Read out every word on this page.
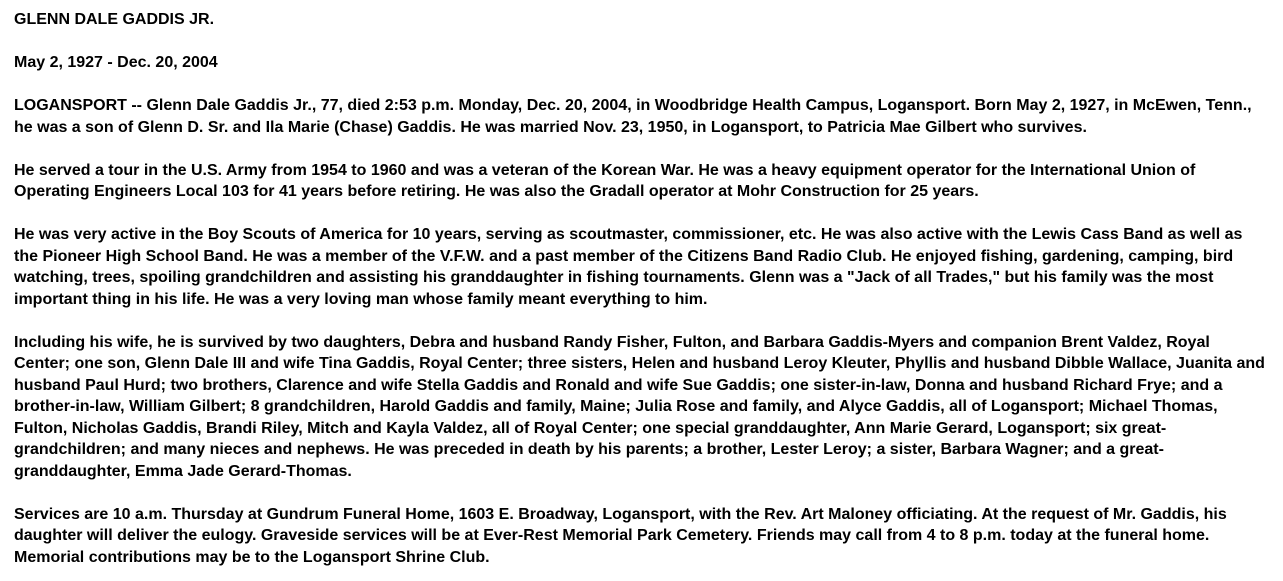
GLENN DALE GADDIS JR.
May 2, 1927 - Dec. 20, 2004
LOGANSPORT -- Glenn Dale Gaddis Jr., 77, died 2:53 p.m. Monday, Dec. 20, 2004, in Woodbridge Health Campus, Logansport. Born May 2, 1927, in McEwen, Tenn., he was a son of Glenn D. Sr. and Ila Marie (Chase) Gaddis. He was married Nov. 23, 1950, in Logansport, to Patricia Mae Gilbert who survives.
He served a tour in the U.S. Army from 1954 to 1960 and was a veteran of the Korean War. He was a heavy equipment operator for the International Union of Operating Engineers Local 103 for 41 years before retiring. He was also the Gradall operator at Mohr Construction for 25 years.
He was very active in the Boy Scouts of America for 10 years, serving as scoutmaster, commissioner, etc. He was also active with the Lewis Cass Band as well as the Pioneer High School Band. He was a member of the V.F.W. and a past member of the Citizens Band Radio Club. He enjoyed fishing, gardening, camping, bird watching, trees, spoiling grandchildren and assisting his granddaughter in fishing tournaments. Glenn was a "Jack of all Trades," but his family was the most important thing in his life. He was a very loving man whose family meant everything to him.
Including his wife, he is survived by two daughters, Debra and husband Randy Fisher, Fulton, and Barbara Gaddis-Myers and companion Brent Valdez, Royal Center; one son, Glenn Dale III and wife Tina Gaddis, Royal Center; three sisters, Helen and husband Leroy Kleuter, Phyllis and husband Dibble Wallace, Juanita and husband Paul Hurd; two brothers, Clarence and wife Stella Gaddis and Ronald and wife Sue Gaddis; one sister-in-law, Donna and husband Richard Frye; and a brother-in-law, William Gilbert; 8 grandchildren, Harold Gaddis and family, Maine; Julia Rose and family, and Alyce Gaddis, all of Logansport; Michael Thomas, Fulton, Nicholas Gaddis, Brandi Riley, Mitch and Kayla Valdez, all of Royal Center; one special granddaughter, Ann Marie Gerard, Logansport; six great-grandchildren; and many nieces and nephews. He was preceded in death by his parents; a brother, Lester Leroy; a sister, Barbara Wagner; and a great- granddaughter, Emma Jade Gerard-Thomas.
Services are 10 a.m. Thursday at Gundrum Funeral Home, 1603 E. Broadway, Logansport, with the Rev. Art Maloney officiating. At the request of Mr. Gaddis, his daughter will deliver the eulogy. Graveside services will be at Ever-Rest Memorial Park Cemetery. Friends may call from 4 to 8 p.m. today at the funeral home. Memorial contributions may be to the Logansport Shrine Club.
